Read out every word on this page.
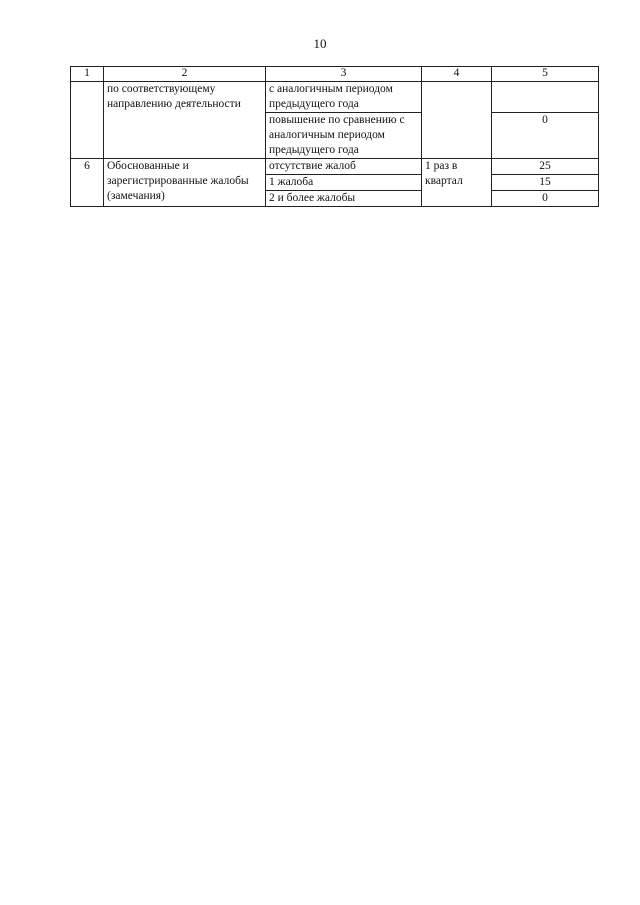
10
1	2	3	4	5
	по соответствующему направлению деятельности	с аналогичным периодом предыдущего года		
		повышение по сравнению с аналогичным периодом предыдущего года		0
6	Обоснованные и зарегистрированные жалобы (замечания)	отсутствие жалоб	1 раз в квартал	25
		1 жалоба		15
		2 и более жалобы		0
